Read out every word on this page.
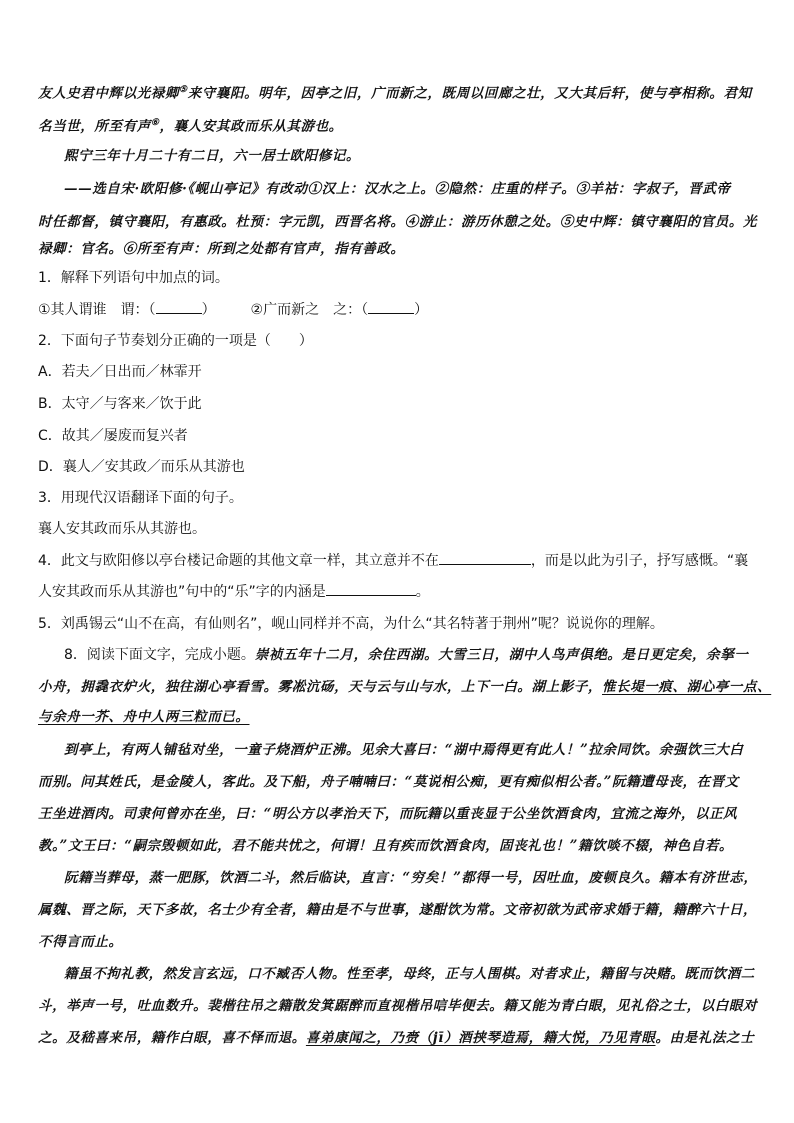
友人史君中辉以光禄卿⑤来守襄阳。明年，因亭之旧，广而新之，既周以回廊之壮，又大其后轩，使与亭相称。君知
名当世，所至有声⑥，襄人安其政而乐从其游也。
熙宁三年十月二十有二日，六一居士欧阳修记。
——选自宋·欧阳修·《岘山亭记》有改动①汉上：汉水之上。②隐然：庄重的样子。③羊祜：字叔子，晋武帝
时任都督，镇守襄阳，有惠政。杜预：字元凯，西晋名将。④游止：游历休憩之处。⑤史中辉：镇守襄阳的官员。光
禄卿：官名。⑥所至有声：所到之处都有官声，指有善政。
1．解释下列语句中加点的词。
①其人谓谁　谓：（	）　　　②广而新之　之：（	）
2．下面句子节奏划分正确的一项是（　　）
A．若夫／日出而／林霏开
B．太守／与客来／饮于此
C．故其／屡废而复兴者
D．襄人／安其政／而乐从其游也
3．用现代汉语翻译下面的句子。
襄人安其政而乐从其游也。
4．此文与欧阳修以亭台楼记命题的其他文章一样，其立意并不在	，而是以此为引子，抒写感慨。“襄
人安其政而乐从其游也”句中的“乐”字的内涵是	。
5．刘禹锡云“山不在高，有仙则名”，岘山同样并不高，为什么“其名特著于荆州”呢？说说你的理解。
8．阅读下面文字，完成小题。崇祯五年十二月，余住西湖。大雪三日，湖中人鸟声俱绝。是日更定矣，余拏一
小舟，拥毳衣炉火，独往湖心亭看雪。雾凇沆砀，天与云与山与水，上下一白。湖上影子，惟长堤一痕、湖心亭一点、
与余舟一芥、舟中人两三粒而已。
到亭上，有两人铺毡对坐，一童子烧酒炉正沸。见余大喜曰：“湖中焉得更有此人！”拉余同饮。余强饮三大白
而别。问其姓氏，是金陵人，客此。及下船，舟子喃喃曰：“莫说相公痴，更有痴似相公者。”阮籍遭母丧，在晋文
王坐进酒肉。司隶何曾亦在坐，曰：“明公方以孝治天下，而阮籍以重丧显于公坐饮酒食肉，宜流之海外，以正风
教。”文王曰：“嗣宗毁顿如此，君不能共忧之，何谓！且有疾而饮酒食肉，固丧礼也！”籍饮啖不辍，神色自若。
阮籍当葬母，蒸一肥豚，饮酒二斗，然后临诀，直言：“穷矣！”都得一号，因吐血，废顿良久。籍本有济世志，
属魏、晋之际，天下多故，名士少有全者，籍由是不与世事，遂酣饮为常。文帝初欲为武帝求婚于籍，籍醉六十日，
不得言而止。
籍虽不拘礼教，然发言玄远，口不臧否人物。性至孝，母终，正与人围棋。对者求止，籍留与决赌。既而饮酒二
斗，举声一号，吐血数升。裴楷往吊之籍散发箕踞醉而直视楷吊唁毕便去。籍又能为青白眼，见礼俗之士，以白眼对
之。及嵇喜来吊，籍作白眼，喜不怿而退。喜弟康闻之，乃赍（jī）酒挟琴造焉，籍大悦，乃见青眼。由是礼法之士
